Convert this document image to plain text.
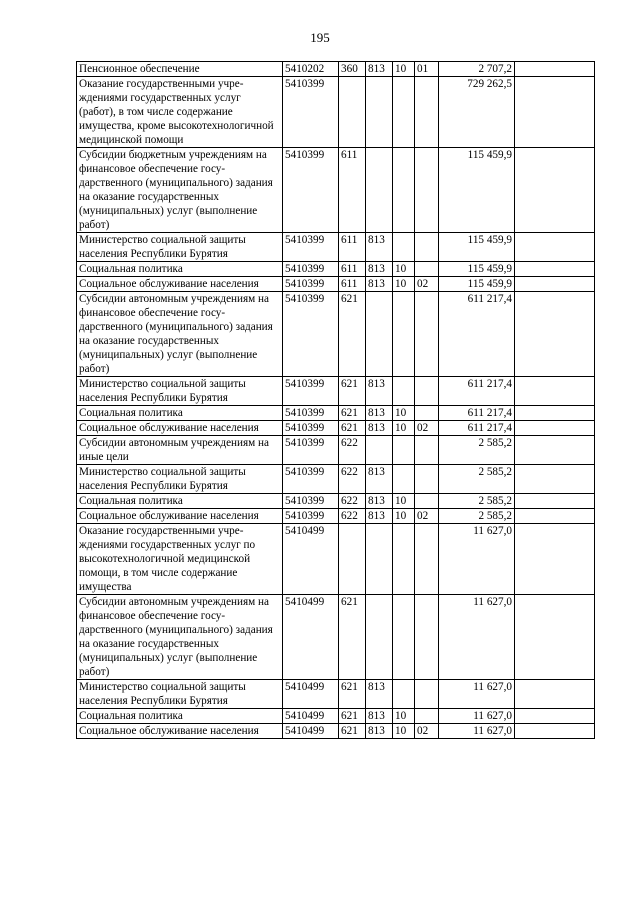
195
Пенсионное обеспечение	5410202	360	813	10	01	2 707,2	
Оказание государственными учреждениями государственных услуг (работ), в том числе содержание имущества, кроме высокотехнологичной медицинской помощи	5410399					729 262,5	
Субсидии бюджетным учреждениям на финансовое обеспечение государственного (муниципального) задания на оказание государственных (муниципальных) услуг (выполнение работ)	5410399	611				115 459,9	
Министерство социальной защиты населения Республики Бурятия	5410399	611	813			115 459,9	
Социальная политика	5410399	611	813	10		115 459,9	
Социальное обслуживание населения	5410399	611	813	10	02	115 459,9	
Субсидии автономным учреждениям на финансовое обеспечение государственного (муниципального) задания на оказание государственных (муниципальных) услуг (выполнение работ)	5410399	621				611 217,4	
Министерство социальной защиты населения Республики Бурятия	5410399	621	813			611 217,4	
Социальная политика	5410399	621	813	10		611 217,4	
Социальное обслуживание населения	5410399	621	813	10	02	611 217,4	
Субсидии автономным учреждениям на иные цели	5410399	622				2 585,2	
Министерство социальной защиты населения Республики Бурятия	5410399	622	813			2 585,2	
Социальная политика	5410399	622	813	10		2 585,2	
Социальное обслуживание населения	5410399	622	813	10	02	2 585,2	
Оказание государственными учреждениями государственных услуг по высокотехнологичной медицинской помощи, в том числе содержание имущества	5410499					11 627,0	
Субсидии автономным учреждениям на финансовое обеспечение государственного (муниципального) задания на оказание государственных (муниципальных) услуг (выполнение работ)	5410499	621				11 627,0	
Министерство социальной защиты населения Республики Бурятия	5410499	621	813			11 627,0	
Социальная политика	5410499	621	813	10		11 627,0	
Социальное обслуживание населения	5410499	621	813	10	02	11 627,0	
